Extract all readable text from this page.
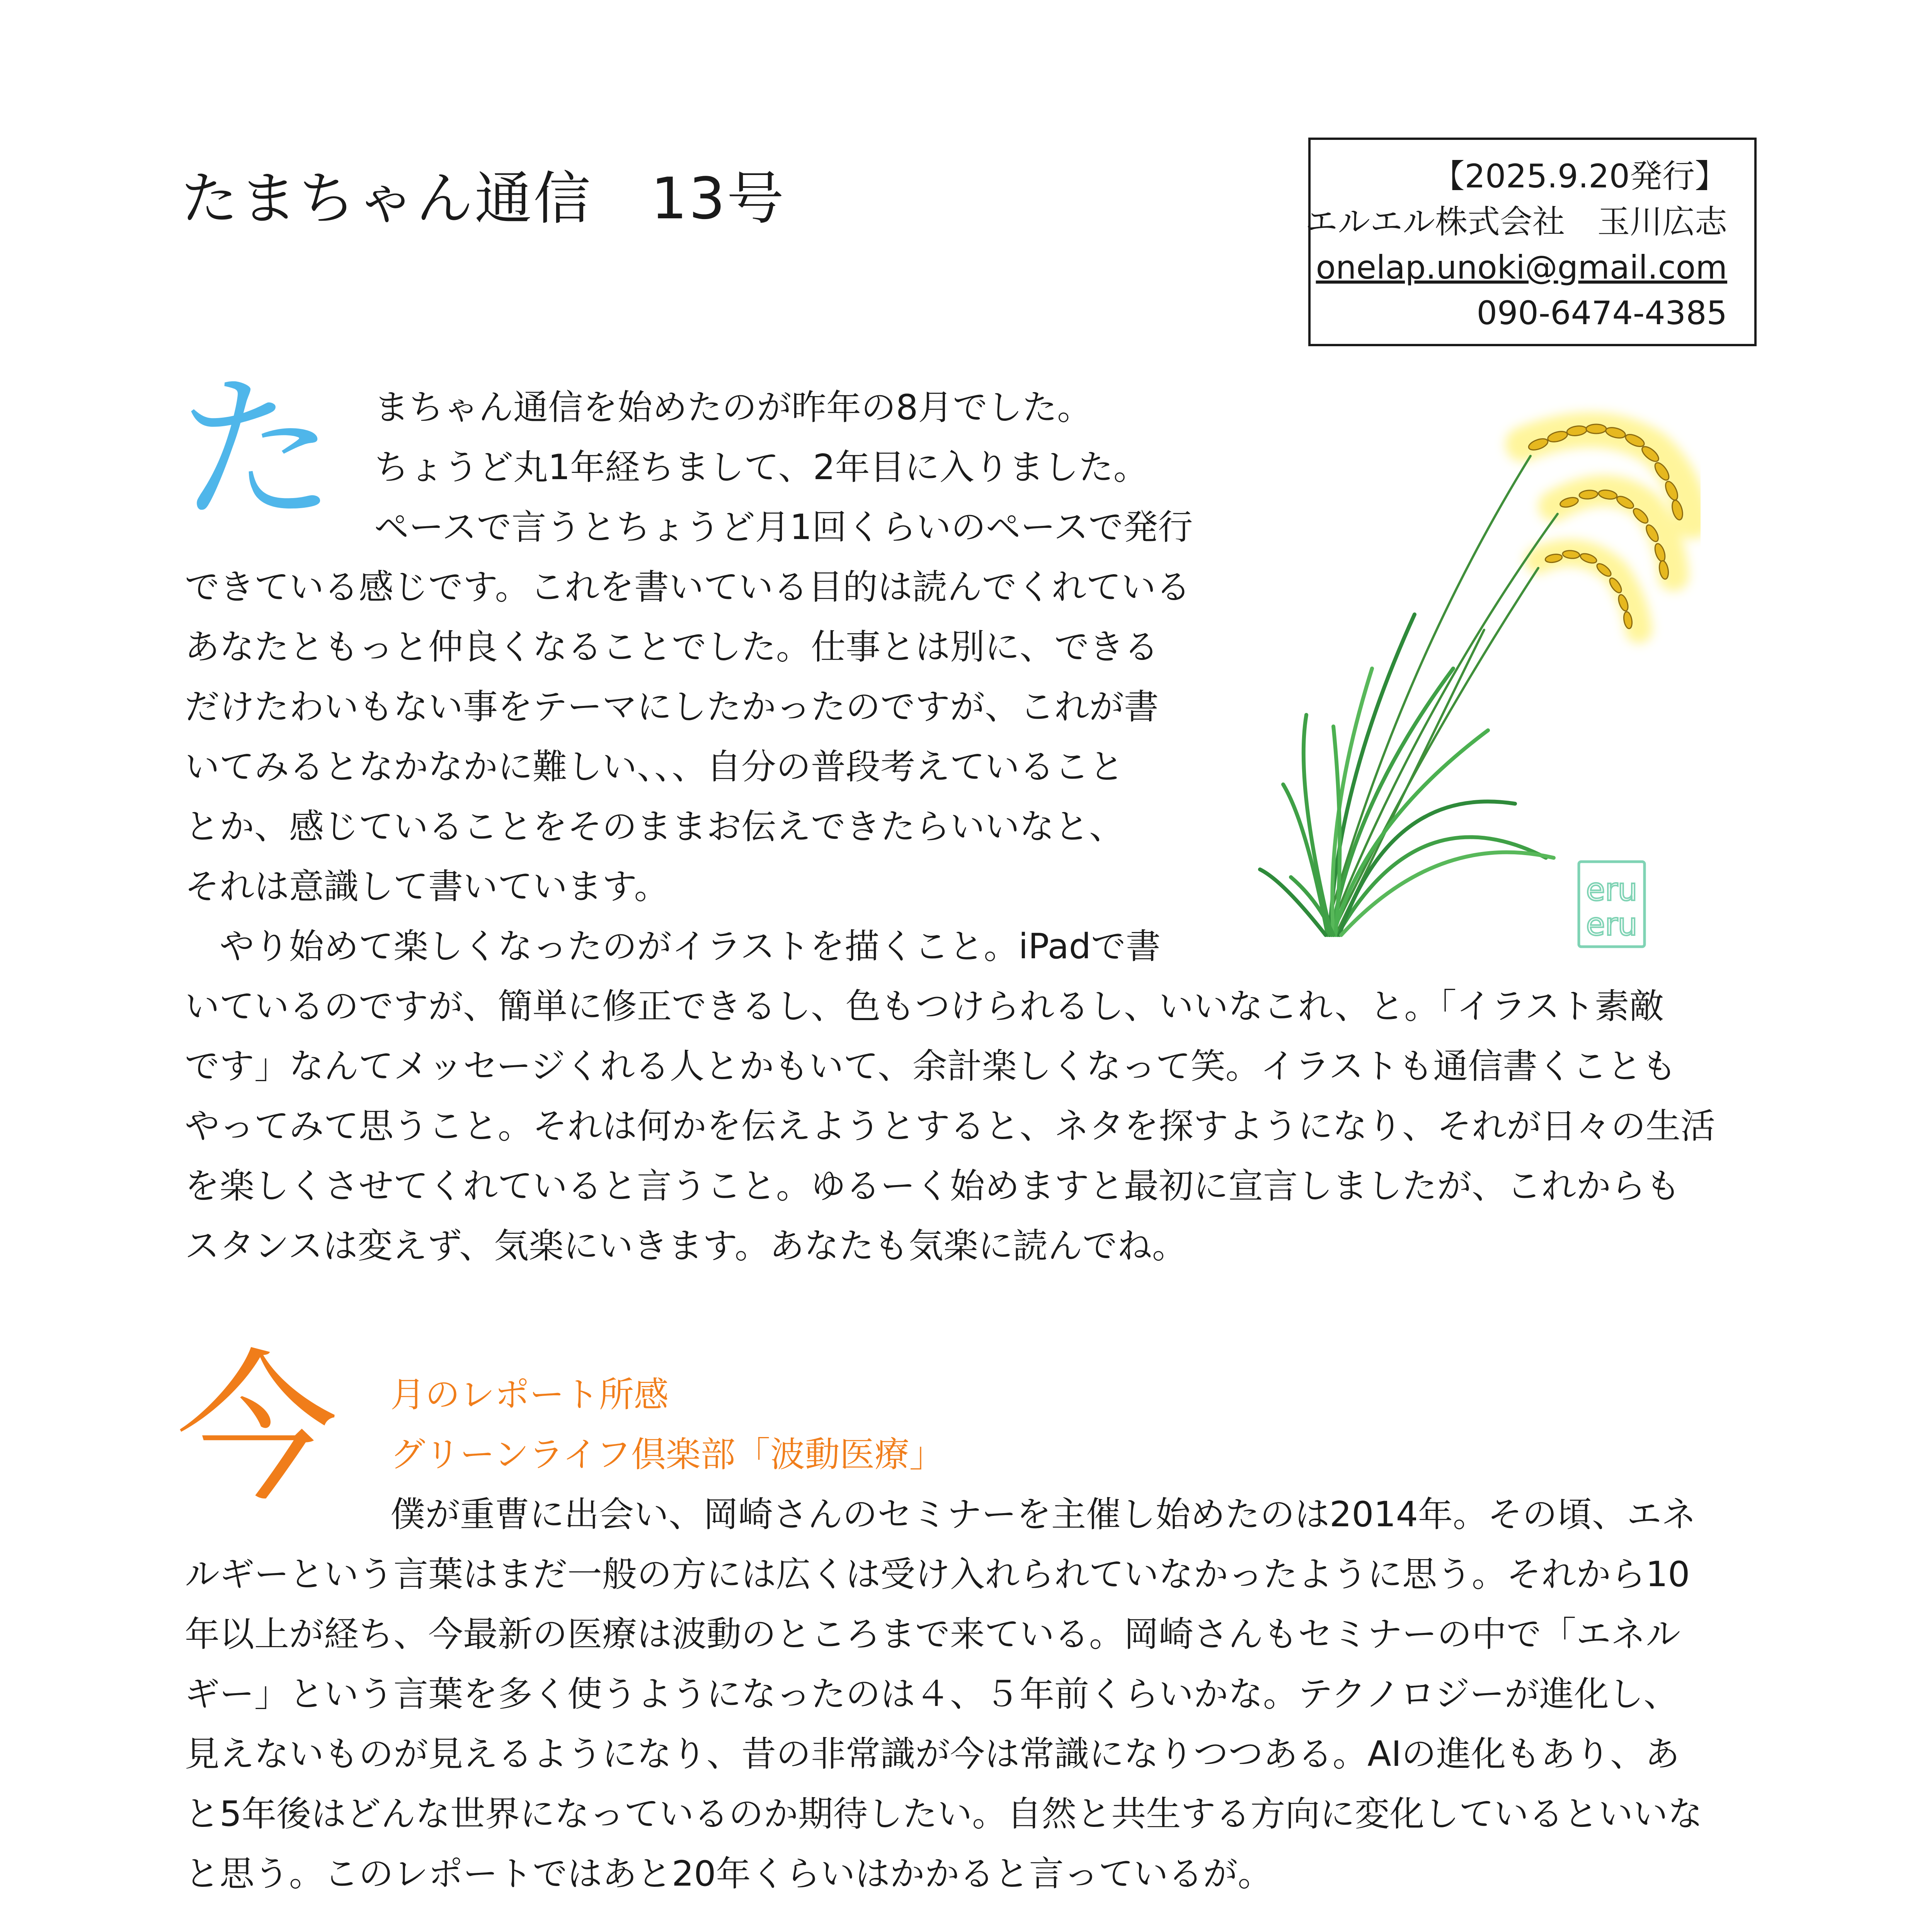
たまちゃん通信　13号	【2025.9.20発行】
エルエル株式会社　玉川広志
onelap.unoki@gmail.com
090-6474-4385
た まちゃん通信を始めたのが昨年の8月でした。
ちょうど丸1年経ちまして、2年目に入りました。
ペースで言うとちょうど月1回くらいのペースで発行
できている感じです。これを書いている目的は読んでくれている
あなたともっと仲良くなることでした。仕事とは別に、できる
だけたわいもない事をテーマにしたかったのですが、これが書
いてみるとなかなかに難しい、、、自分の普段考えていること
とか、感じていることをそのままお伝えできたらいいなと、
それは意識して書いています。
　やり始めて楽しくなったのがイラストを描くこと。iPadで書
いているのですが、簡単に修正できるし、色もつけられるし、いいなこれ、と。「イラスト素敵
です」なんてメッセージくれる人とかもいて、余計楽しくなって笑。イラストも通信書くことも
やってみて思うこと。それは何かを伝えようとすると、ネタを探すようになり、それが日々の生活
を楽しくさせてくれていると言うこと。ゆるーく始めますと最初に宣言しましたが、これからも
スタンスは変えず、気楽にいきます。あなたも気楽に読んでね。
eru
eru
今 月のレポート所感
グリーンライフ倶楽部「波動医療」
僕が重曹に出会い、岡崎さんのセミナーを主催し始めたのは2014年。その頃、エネ
ルギーという言葉はまだ一般の方には広くは受け入れられていなかったように思う。それから10
年以上が経ち、今最新の医療は波動のところまで来ている。岡崎さんもセミナーの中で「エネル
ギー」という言葉を多く使うようになったのは４、５年前くらいかな。テクノロジーが進化し、
見えないものが見えるようになり、昔の非常識が今は常識になりつつある。AIの進化もあり、あ
と5年後はどんな世界になっているのか期待したい。自然と共生する方向に変化しているといいな
と思う。このレポートではあと20年くらいはかかると言っているが。
